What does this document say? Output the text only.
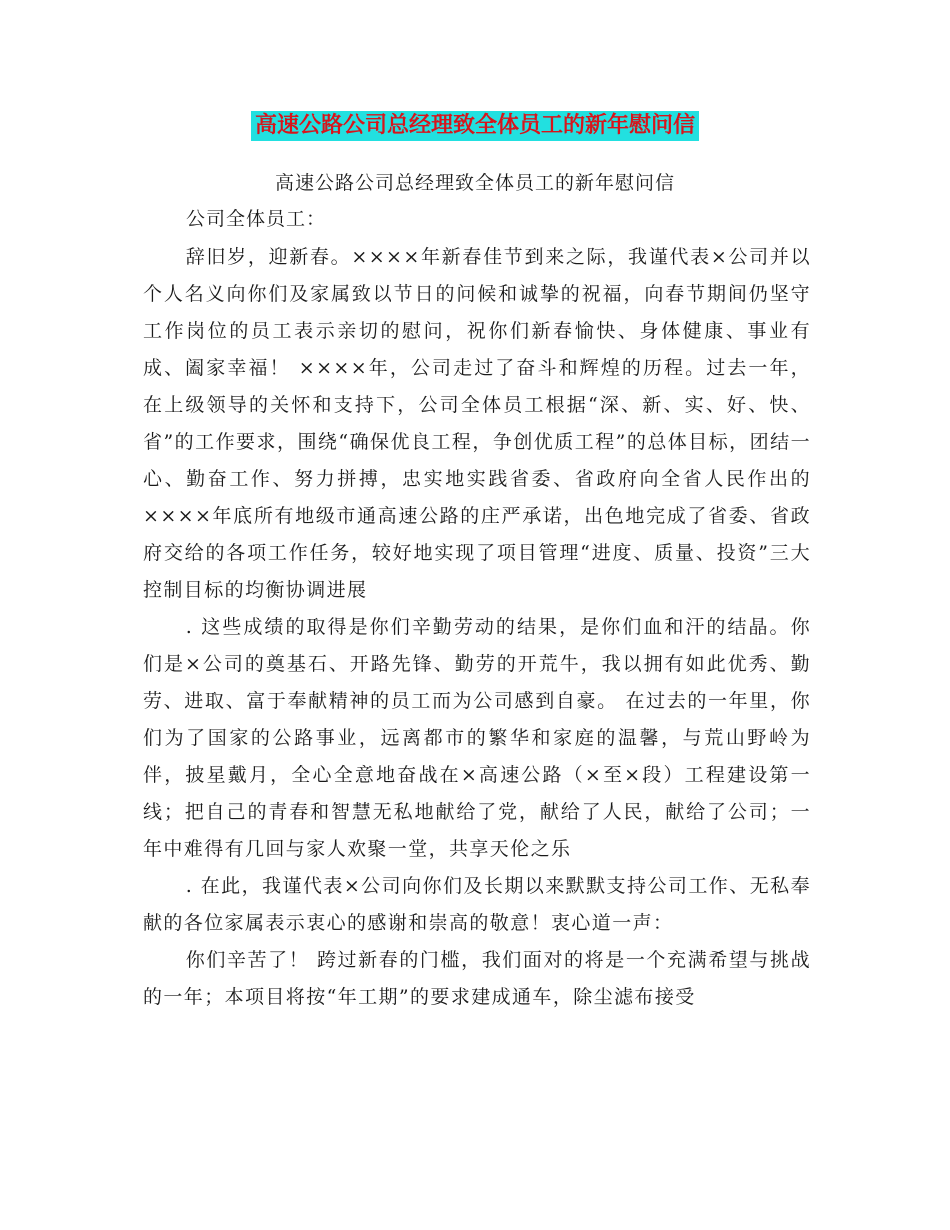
高速公路公司总经理致全体员工的新年慰问信
高速公路公司总经理致全体员工的新年慰问信
公司全体员工：

辞旧岁，迎新春。××××年新春佳节到来之际，我谨代表×公司并以个人名义向你们及家属致以节日的问候和诚挚的祝福，向春节期间仍坚守工作岗位的员工表示亲切的慰问，祝你们新春愉快、身体健康、事业有成、阖家幸福！ ××××年，公司走过了奋斗和辉煌的历程。过去一年，在上级领导的关怀和支持下，公司全体员工根据“深、新、实、好、快、省”的工作要求，围绕“确保优良工程，争创优质工程”的总体目标，团结一心、勤奋工作、努力拼搏，忠实地实践省委、省政府向全省人民作出的××××年底所有地级市通高速公路的庄严承诺，出色地完成了省委、省政府交给的各项工作任务，较好地实现了项目管理“进度、质量、投资”三大控制目标的均衡协调进展

. 这些成绩的取得是你们辛勤劳动的结果，是你们血和汗的结晶。你们是×公司的奠基石、开路先锋、勤劳的开荒牛，我以拥有如此优秀、勤劳、进取、富于奉献精神的员工而为公司感到自豪。 在过去的一年里，你们为了国家的公路事业，远离都市的繁华和家庭的温馨，与荒山野岭为伴，披星戴月，全心全意地奋战在×高速公路（×至×段）工程建设第一线；把自己的青春和智慧无私地献给了党，献给了人民，献给了公司；一年中难得有几回与家人欢聚一堂，共享天伦之乐

. 在此，我谨代表×公司向你们及长期以来默默支持公司工作、无私奉献的各位家属表示衷心的感谢和崇高的敬意！衷心道一声：

你们辛苦了！ 跨过新春的门槛，我们面对的将是一个充满希望与挑战的一年；本项目将按“年工期”的要求建成通车，除尘滤布接受
